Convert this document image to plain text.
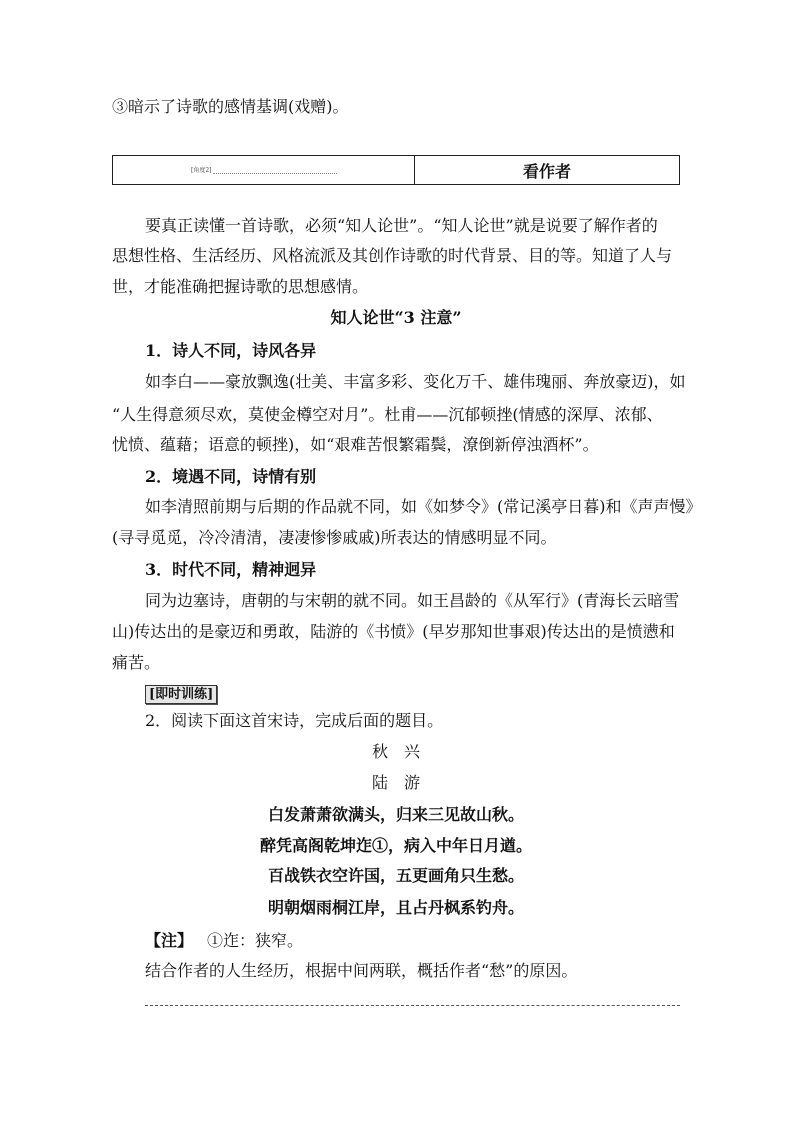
③暗示了诗歌的感情基调(戏赠)。
[角度2]	看作者
要真正读懂一首诗歌，必须“知人论世”。“知人论世”就是说要了解作者的
思想性格、生活经历、风格流派及其创作诗歌的时代背景、目的等。知道了人与
世，才能准确把握诗歌的思想感情。
知人论世“3 注意”
1．诗人不同，诗风各异
如李白——豪放飘逸(壮美、丰富多彩、变化万千、雄伟瑰丽、奔放豪迈)，如
“人生得意须尽欢，莫使金樽空对月”。杜甫——沉郁顿挫(情感的深厚、浓郁、
忧愤、蕴藉；语意的顿挫)，如“艰难苦恨繁霜鬓，潦倒新停浊酒杯”。
2．境遇不同，诗情有别
如李清照前期与后期的作品就不同，如《如梦令》(常记溪亭日暮)和《声声慢》
(寻寻觅觅，冷冷清清，凄凄惨惨戚戚)所表达的情感明显不同。
3．时代不同，精神迥异
同为边塞诗，唐朝的与宋朝的就不同。如王昌龄的《从军行》(青海长云暗雪
山)传达出的是豪迈和勇敢，陆游的《书愤》(早岁那知世事艰)传达出的是愤懑和
痛苦。
[即时训练]
2．阅读下面这首宋诗，完成后面的题目。
秋　兴
陆　游
白发萧萧欲满头，归来三见故山秋。
醉凭高阁乾坤迮①，病入中年日月遒。
百战铁衣空许国，五更画角只生愁。
明朝烟雨桐江岸，且占丹枫系钓舟。
【注】 ①迮：狭窄。
结合作者的人生经历，根据中间两联，概括作者“愁”的原因。
